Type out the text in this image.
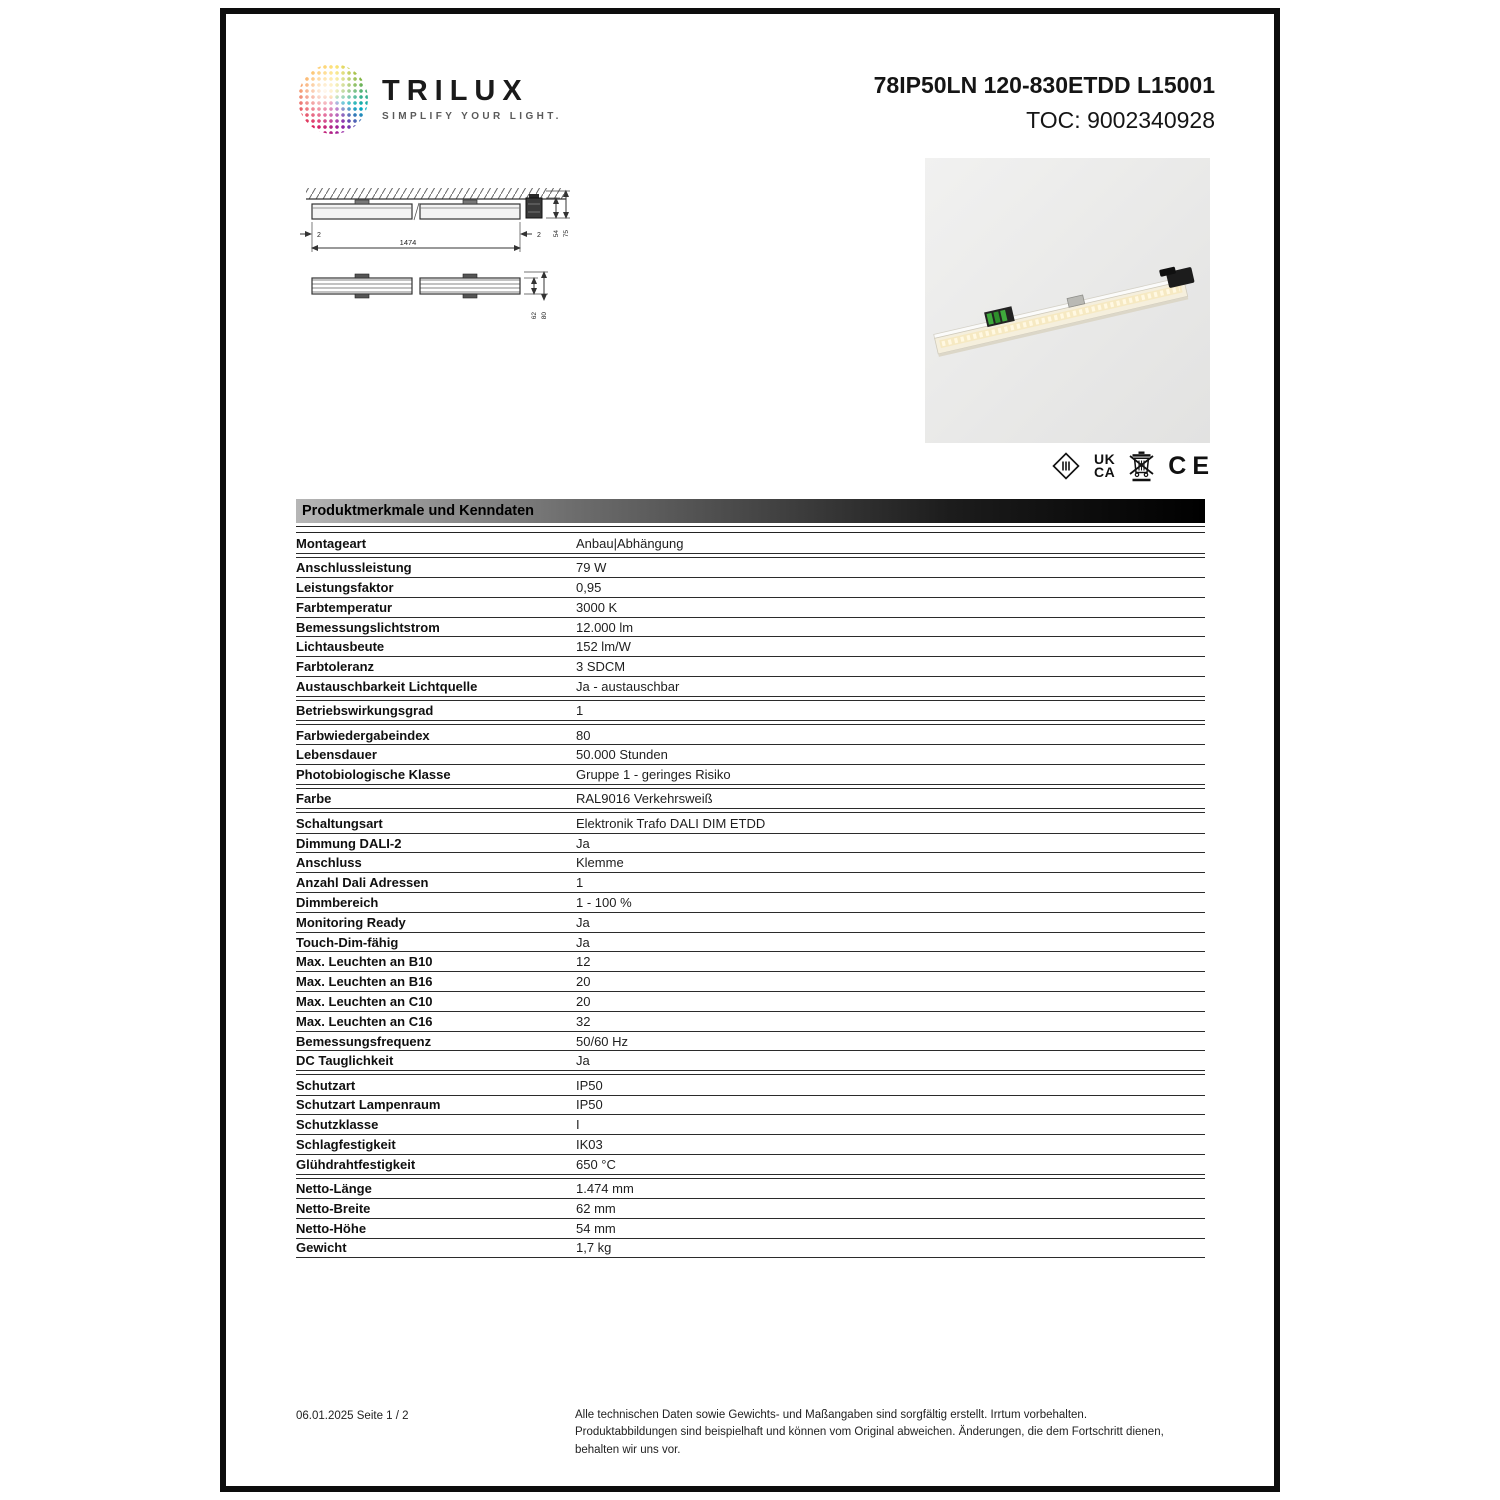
TRILUX
SIMPLIFY YOUR LIGHT.
78IP50LN 120-830ETDD L15001
TOC: 9002340928
2	2
1474
54 75
62 80
UK
CA CE
Produktmerkmale und Kenndaten
Montageart	Anbau|Abhängung
Anschlussleistung	79 W
Leistungsfaktor	0,95
Farbtemperatur	3000 K
Bemessungslichtstrom	12.000 lm
Lichtausbeute	152 lm/W
Farbtoleranz	3 SDCM
Austauschbarkeit Lichtquelle	Ja - austauschbar
Betriebswirkungsgrad	1
Farbwiedergabeindex	80
Lebensdauer	50.000 Stunden
Photobiologische Klasse	Gruppe 1 - geringes Risiko
Farbe	RAL9016 Verkehrsweiß
Schaltungsart	Elektronik Trafo DALI DIM ETDD
Dimmung DALI-2	Ja
Anschluss	Klemme
Anzahl Dali Adressen	1
Dimmbereich	1 - 100 %
Monitoring Ready	Ja
Touch-Dim-fähig	Ja
Max. Leuchten an B10	12
Max. Leuchten an B16	20
Max. Leuchten an C10	20
Max. Leuchten an C16	32
Bemessungsfrequenz	50/60 Hz
DC Tauglichkeit	Ja
Schutzart	IP50
Schutzart Lampenraum	IP50
Schutzklasse	I
Schlagfestigkeit	IK03
Glühdrahtfestigkeit	650 °C
Netto-Länge	1.474 mm
Netto-Breite	62 mm
Netto-Höhe	54 mm
Gewicht	1,7 kg
06.01.2025 Seite 1 / 2	Alle technischen Daten sowie Gewichts- und Maßangaben sind sorgfältig erstellt. Irrtum vorbehalten. Produktabbildungen sind beispielhaft und können vom Original abweichen. Änderungen, die dem Fortschritt dienen, behalten wir uns vor.
